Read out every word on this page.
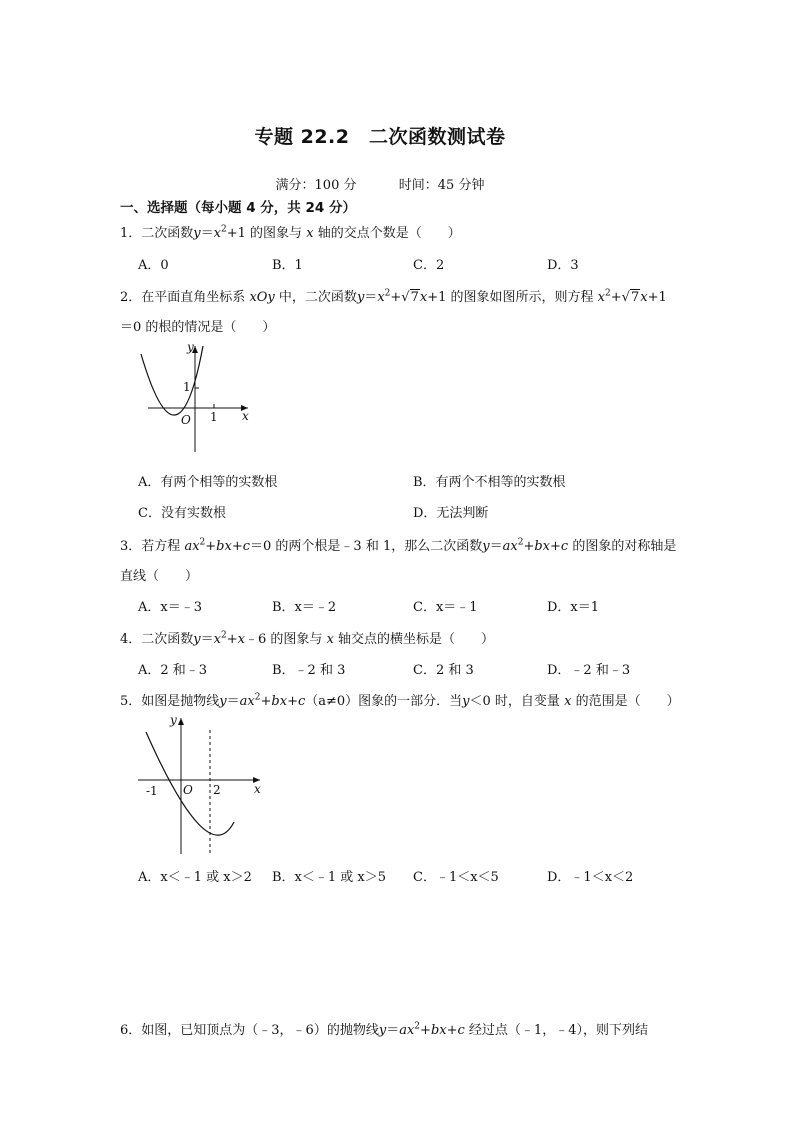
专题 22.2　二次函数测试卷
满分：100 分	时间：45 分钟
一、选择题（每小题 4 分，共 24 分）
1．二次函数$y=x^2+1$ 的图象与 x 轴的交点个数是（　　）
A．0	B．1	C．2	D．3
2．在平面直角坐标系 xOy 中，二次函数$y=x^2+√7x+1$ 的图象如图所示，则方程 $x^2+√7x+1$
＝0 的根的情况是（　　）
y
x
1
1
O
A．有两个相等的实数根	B．有两个不相等的实数根
C．没有实数根	D．无法判断
3．若方程 $ax^2+bx+c=0$ 的两个根是﹣3 和 1，那么二次函数$y=ax^2+bx+c$ 的图象的对称轴是
直线（　　）
A．x＝﹣3	B．x＝﹣2	C．x＝﹣1	D．x＝1
4．二次函数$y=x^2+x﹣6$ 的图象与 x 轴交点的横坐标是（　　）
A．2 和﹣3	B．﹣2 和 3	C．2 和 3	D．﹣2 和﹣3
5．如图是抛物线$y=ax^2+bx+c(a\ne 0)$图象的一部分．当y＜0 时，自变量 x 的范围是（　　）
y
x
-1 O 2
A．x＜﹣1 或 x＞2 B．x＜﹣1 或 x＞5 C．﹣1＜x＜5	D．﹣1＜x＜2
6．如图，已知顶点为（﹣3，﹣6）的抛物线$y=ax^2+bx+c$ 经过点（﹣1，﹣4），则下列结
